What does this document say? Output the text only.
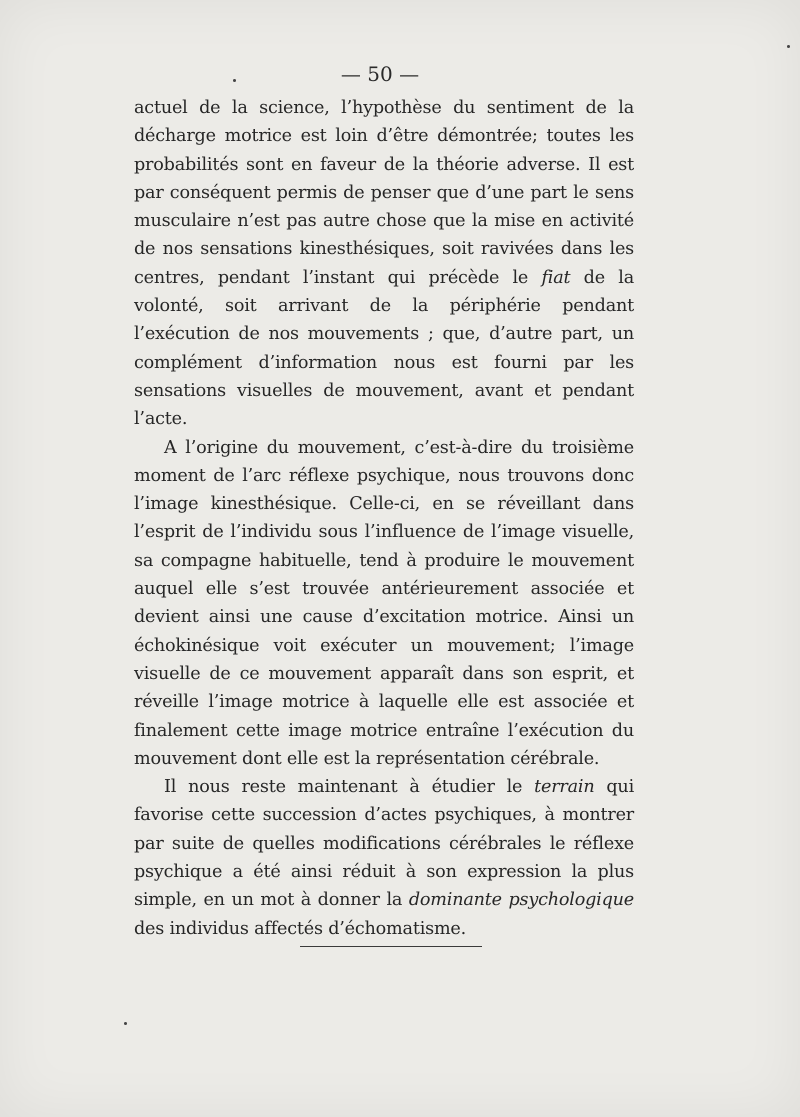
— 50 —

actuel de la science, l’hypothèse du sentiment de la décharge motrice est loin d’être démontrée; toutes les probabilités sont en faveur de la théorie adverse. Il est par conséquent permis de penser que d’une part le sens musculaire n’est pas autre chose que la mise en activité de nos sensations kinesthésiques, soit ravivées dans les centres, pendant l’instant qui précède le fiat de la volonté, soit arrivant de la périphérie pendant l’exécution de nos mouvements ; que, d’autre part, un complément d’information nous est fourni par les sensations visuelles de mouvement, avant et pendant l’acte.

A l’origine du mouvement, c’est-à-dire du troisième moment de l’arc réflexe psychique, nous trouvons donc l’image kinesthésique. Celle-ci, en se réveillant dans l’esprit de l’individu sous l’influence de l’image visuelle, sa compagne habituelle, tend à produire le mouvement auquel elle s’est trouvée antérieurement associée et devient ainsi une cause d’excitation motrice. Ainsi un échokinésique voit exécuter un mouvement; l’image visuelle de ce mouvement apparaît dans son esprit, et réveille l’image motrice à laquelle elle est associée et finalement cette image motrice entraîne l’exécution du mouvement dont elle est la représentation cérébrale.

Il nous reste maintenant à étudier le terrain qui favorise cette succession d’actes psychiques, à montrer par suite de quelles modifications cérébrales le réflexe psychique a été ainsi réduit à son expression la plus simple, en un mot à donner la dominante psychologique des individus affectés d’échomatisme.
